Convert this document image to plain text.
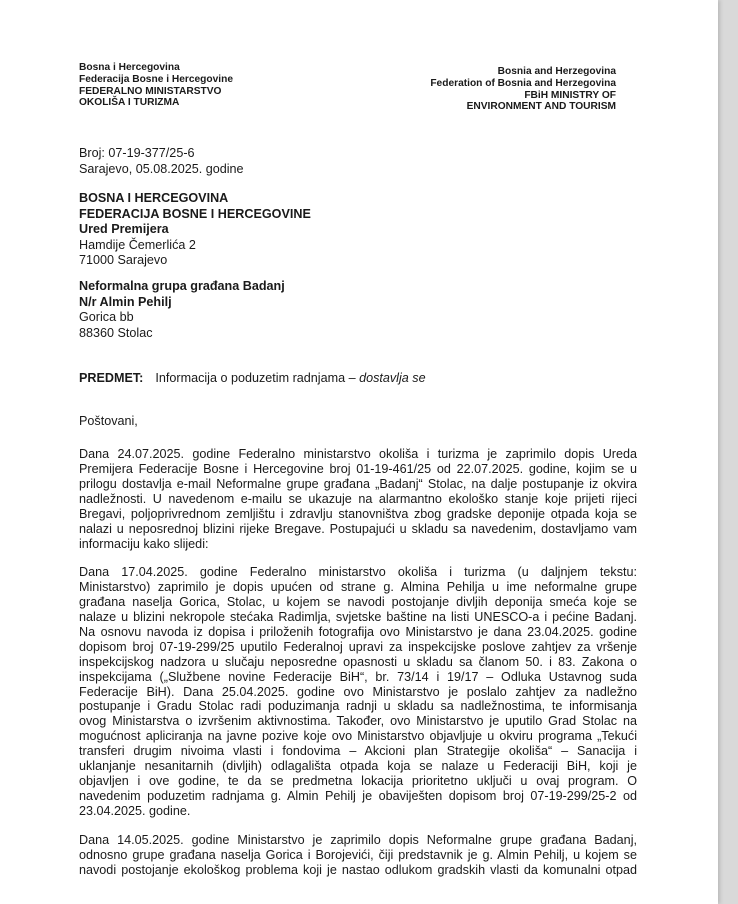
Bosna i Hercegovina
Federacija Bosne i Hercegovine
FEDERALNO MINISTARSTVO
OKOLIŠA I TURIZMA
Bosnia and Herzegovina
Federation of Bosnia and Herzegovina
FBiH MINISTRY OF
ENVIRONMENT AND TOURISM
Broj: 07-19-377/25-6
Sarajevo, 05.08.2025. godine
BOSNA I HERCEGOVINA
FEDERACIJA BOSNE I HERCEGOVINE
Ured Premijera
Hamdije Čemerlića 2
71000 Sarajevo
Neformalna grupa građana Badanj
N/r Almin Pehilj
Gorica bb
88360 Stolac
PREDMET: Informacija o poduzetim radnjama – dostavlja se
Poštovani,
Dana 24.07.2025. godine Federalno ministarstvo okoliša i turizma je zaprimilo dopis Ureda
Premijera Federacije Bosne i Hercegovine broj 01-19-461/25 od 22.07.2025. godine, kojim se u
prilogu dostavlja e-mail Neformalne grupe građana „Badanj“ Stolac, na dalje postupanje iz okvira
nadležnosti. U navedenom e-mailu se ukazuje na alarmantno ekološko stanje koje prijeti rijeci
Bregavi, poljoprivrednom zemljištu i zdravlju stanovništva zbog gradske deponije otpada koja se
nalazi u neposrednoj blizini rijeke Bregave. Postupajući u skladu sa navedenim, dostavljamo vam
informaciju kako slijedi:
Dana 17.04.2025. godine Federalno ministarstvo okoliša i turizma (u daljnjem tekstu:
Ministarstvo) zaprimilo je dopis upućen od strane g. Almina Pehilja u ime neformalne grupe
građana naselja Gorica, Stolac, u kojem se navodi postojanje divljih deponija smeća koje se
nalaze u blizini nekropole stećaka Radimlja, svjetske baštine na listi UNESCO-a i pećine Badanj.
Na osnovu navoda iz dopisa i priloženih fotografija ovo Ministarstvo je dana 23.04.2025. godine
dopisom broj 07-19-299/25 uputilo Federalnoj upravi za inspekcijske poslove zahtjev za vršenje
inspekcijskog nadzora u slučaju neposredne opasnosti u skladu sa članom 50. i 83. Zakona o
inspekcijama („Službene novine Federacije BiH“, br. 73/14 i 19/17 – Odluka Ustavnog suda
Federacije BiH). Dana 25.04.2025. godine ovo Ministarstvo je poslalo zahtjev za nadležno
postupanje i Gradu Stolac radi poduzimanja radnji u skladu sa nadležnostima, te informisanja
ovog Ministarstva o izvršenim aktivnostima. Također, ovo Ministarstvo je uputilo Grad Stolac na
mogućnost apliciranja na javne pozive koje ovo Ministarstvo objavljuje u okviru programa „Tekući
transferi drugim nivoima vlasti i fondovima – Akcioni plan Strategije okoliša“ – Sanacija i
uklanjanje nesanitarnih (divljih) odlagališta otpada koja se nalaze u Federaciji BiH, koji je
objavljen i ove godine, te da se predmetna lokacija prioritetno uključi u ovaj program. O
navedenim poduzetim radnjama g. Almin Pehilj je obaviješten dopisom broj 07-19-299/25-2 od
23.04.2025. godine.
Dana 14.05.2025. godine Ministarstvo je zaprimilo dopis Neformalne grupe građana Badanj,
odnosno grupe građana naselja Gorica i Borojevići, čiji predstavnik je g. Almin Pehilj, u kojem se
navodi postojanje ekološkog problema koji je nastao odlukom gradskih vlasti da komunalni otpad
